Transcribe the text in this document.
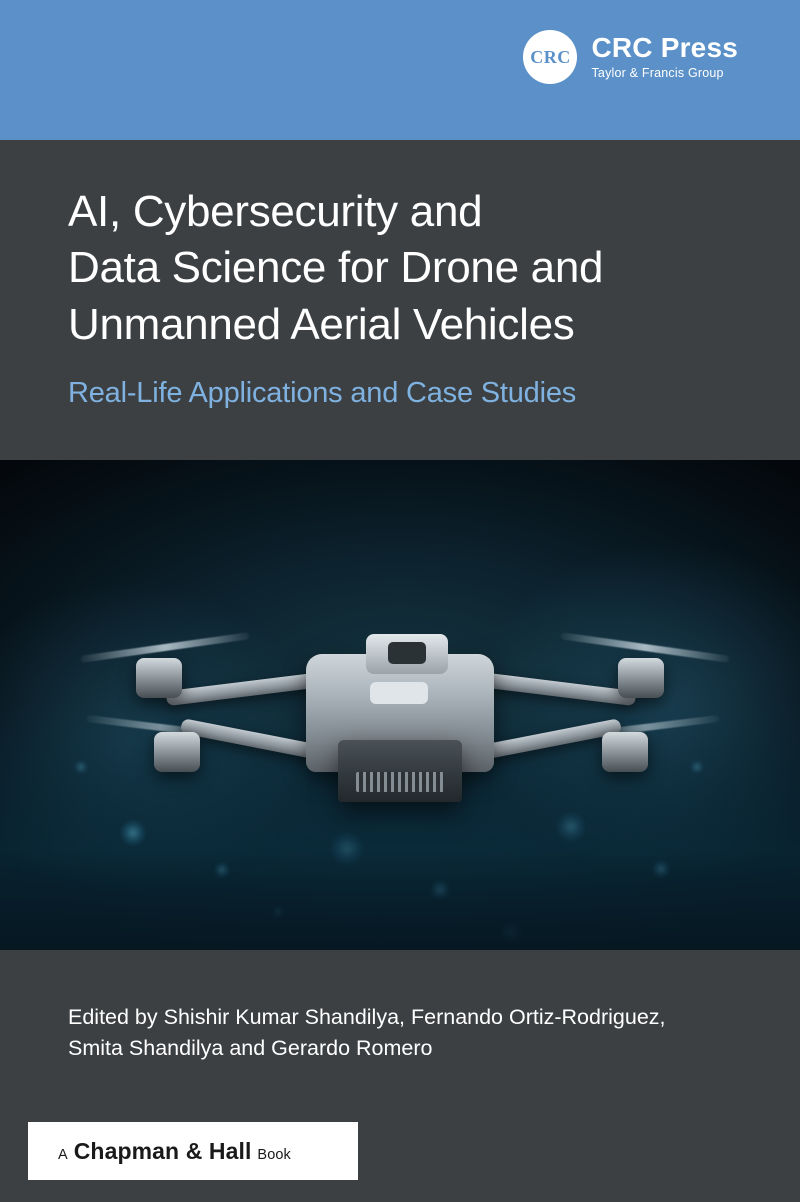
CRC CRC Press
Taylor & Francis Group
AI, Cybersecurity and
Data Science for Drone and
Unmanned Aerial Vehicles

Real-Life Applications and Case Studies

Edited by Shishir Kumar Shandilya, Fernando Ortiz-Rodriguez,
Smita Shandilya and Gerardo Romero
A Chapman & Hall Book
